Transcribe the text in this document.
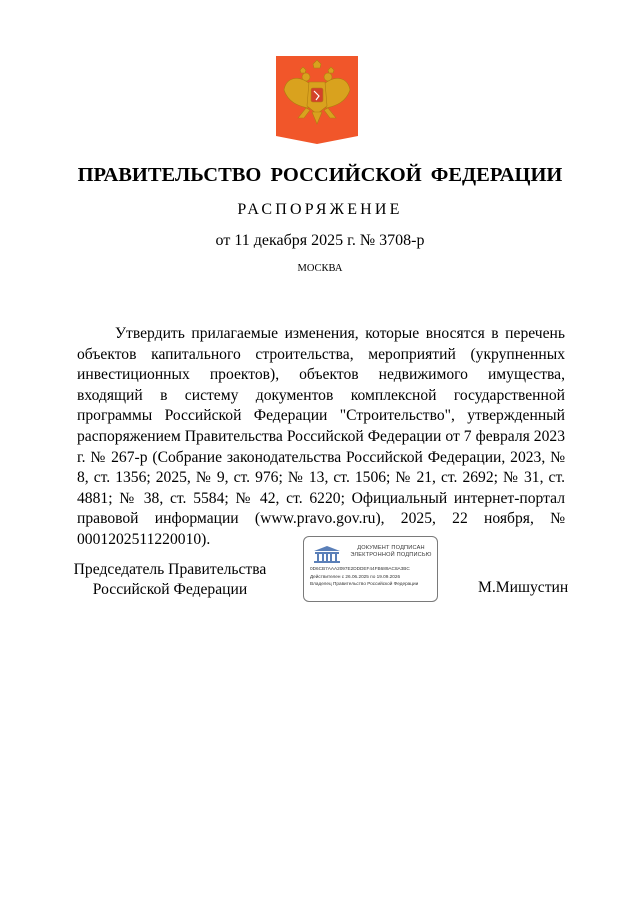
ПРАВИТЕЛЬСТВО РОССИЙСКОЙ ФЕДЕРАЦИИ
РАСПОРЯЖЕНИЕ
от 11 декабря 2025 г. № 3708-р
МОСКВА

Утвердить прилагаемые изменения, которые вносятся в перечень объектов капитального строительства, мероприятий (укрупненных инвестиционных проектов), объектов недвижимого имущества, входящий в систему документов комплексной государственной программы Российской Федерации "Строительство", утвержденный распоряжением Правительства Российской Федерации от 7 февраля 2023 г. № 267-р (Собрание законодательства Российской Федерации, 2023, № 8, ст. 1356; 2025, № 9, ст. 976; № 13, ст. 1506; № 21, ст. 2692; № 31, ст. 4881; № 38, ст. 5584; № 42, ст. 6220; Официальный интернет-портал правовой информации (www.pravo.gov.ru), 2025, 22 ноября, № 0001202511220010).

Председатель Правительства
Российской Федерации
ДОКУМЕНТ ПОДПИСАН
ЭЛЕКТРОННОЙ ПОДПИСЬЮ
0D6CB7AAA2097E2DDDEF44FB689AC8A3BC
Действителен с 26.06.2025 по 19.09.2026
Владелец Правительство Российской Федерации	М.Мишустин
